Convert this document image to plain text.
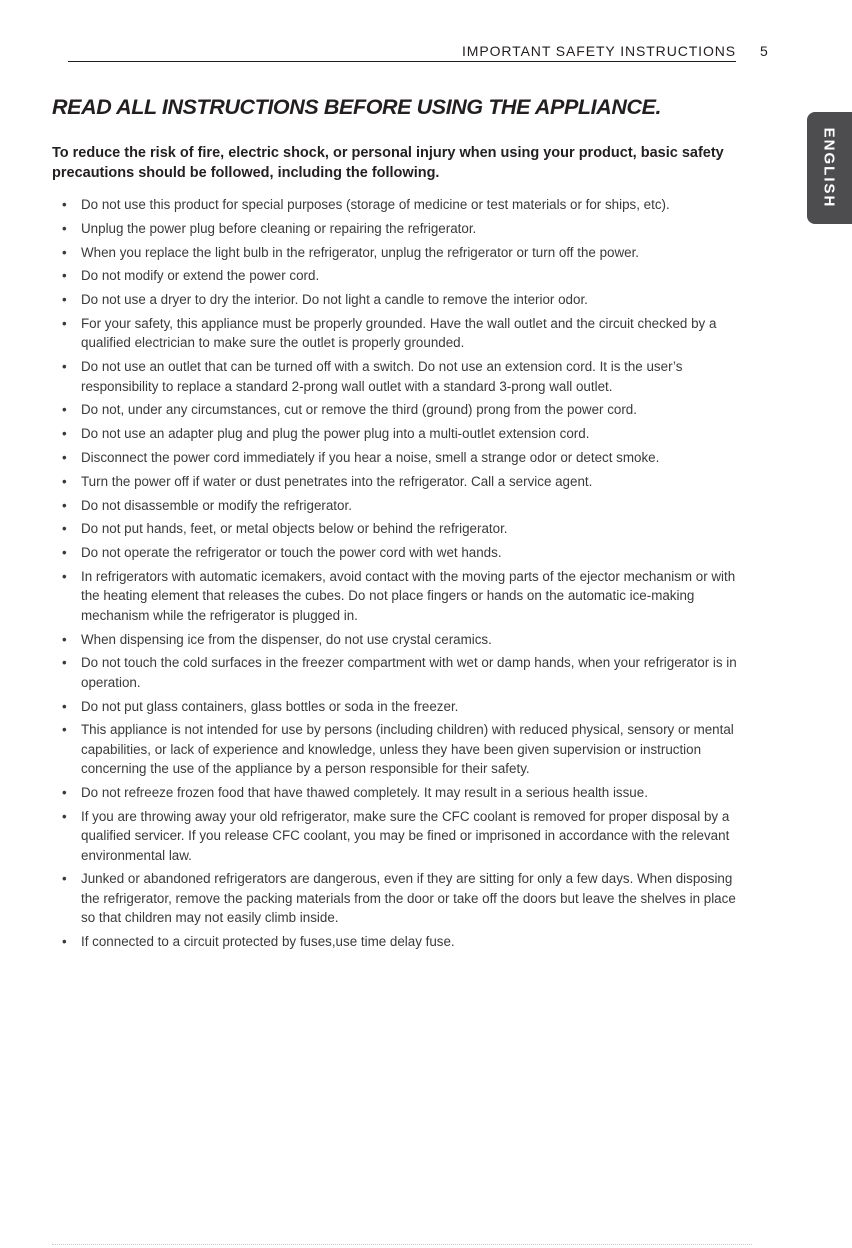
IMPORTANT SAFETY INSTRUCTIONS 5
ENGLISH
READ ALL INSTRUCTIONS BEFORE USING THE APPLIANCE.

To reduce the risk of fire, electric shock, or personal injury when using your product, basic safety precautions should be followed, including the following.

• Do not use this product for special purposes (storage of medicine or test materials or for ships, etc).
• Unplug the power plug before cleaning or repairing the refrigerator.
• When you replace the light bulb in the refrigerator, unplug the refrigerator or turn off the power.
• Do not modify or extend the power cord.
• Do not use a dryer to dry the interior. Do not light a candle to remove the interior odor.
• For your safety, this appliance must be properly grounded. Have the wall outlet and the circuit checked by a qualified electrician to make sure the outlet is properly grounded.
• Do not use an outlet that can be turned off with a switch. Do not use an extension cord. It is the user’s responsibility to replace a standard 2-prong wall outlet with a standard 3-prong wall outlet.
• Do not, under any circumstances, cut or remove the third (ground) prong from the power cord.
• Do not use an adapter plug and plug the power plug into a multi-outlet extension cord.
• Disconnect the power cord immediately if you hear a noise, smell a strange odor or detect smoke.
• Turn the power off if water or dust penetrates into the refrigerator. Call a service agent.
• Do not disassemble or modify the refrigerator.
• Do not put hands, feet, or metal objects below or behind the refrigerator.
• Do not operate the refrigerator or touch the power cord with wet hands.
• In refrigerators with automatic icemakers, avoid contact with the moving parts of the ejector mechanism or with the heating element that releases the cubes. Do not place fingers or hands on the automatic ice-making mechanism while the refrigerator is plugged in.
• When dispensing ice from the dispenser, do not use crystal ceramics.
• Do not touch the cold surfaces in the freezer compartment with wet or damp hands, when your refrigerator is in operation.
• Do not put glass containers, glass bottles or soda in the freezer.
• This appliance is not intended for use by persons (including children) with reduced physical, sensory or mental capabilities, or lack of experience and knowledge, unless they have been given supervision or instruction concerning the use of the appliance by a person responsible for their safety.
• Do not refreeze frozen food that have thawed completely. It may result in a serious health issue.
• If you are throwing away your old refrigerator, make sure the CFC coolant is removed for proper disposal by a qualified servicer. If you release CFC coolant, you may be fined or imprisoned in accordance with the relevant environmental law.
• Junked or abandoned refrigerators are dangerous, even if they are sitting for only a few days. When disposing the refrigerator, remove the packing materials from the door or take off the doors but leave the shelves in place so that children may not easily climb inside.
• If connected to a circuit protected by fuses,use time delay fuse.
